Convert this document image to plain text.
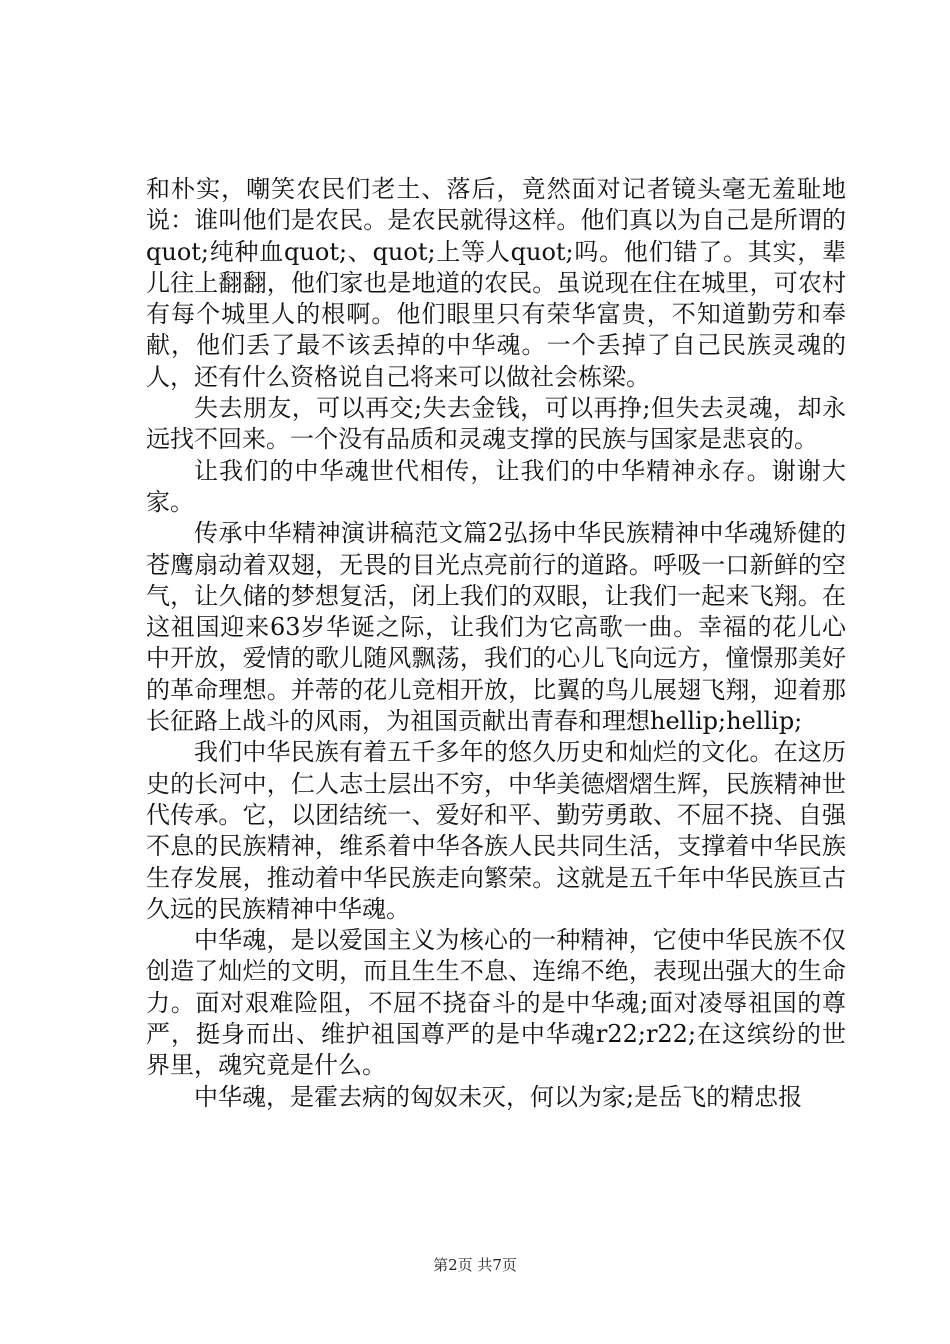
和朴实，嘲笑农民们老土、落后，竟然面对记者镜头毫无羞耻地说：谁叫他们是农民。是农民就得这样。他们真以为自己是所谓的quot;纯种血quot;、quot;上等人quot;吗。他们错了。其实，辈儿往上翻翻，他们家也是地道的农民。虽说现在住在城里，可农村有每个城里人的根啊。他们眼里只有荣华富贵，不知道勤劳和奉献，他们丢了最不该丢掉的中华魂。一个丢掉了自己民族灵魂的人，还有什么资格说自己将来可以做社会栋梁。

失去朋友，可以再交;失去金钱，可以再挣;但失去灵魂，却永远找不回来。一个没有品质和灵魂支撑的民族与国家是悲哀的。

让我们的中华魂世代相传，让我们的中华精神永存。谢谢大家。

传承中华精神演讲稿范文篇2弘扬中华民族精神中华魂矫健的苍鹰扇动着双翅，无畏的目光点亮前行的道路。呼吸一口新鲜的空气，让久储的梦想复活，闭上我们的双眼，让我们一起来飞翔。在这祖国迎来63岁华诞之际，让我们为它高歌一曲。幸福的花儿心中开放，爱情的歌儿随风飘荡，我们的心儿飞向远方，憧憬那美好的革命理想。并蒂的花儿竞相开放，比翼的鸟儿展翅飞翔，迎着那长征路上战斗的风雨，为祖国贡献出青春和理想hellip;hellip;

我们中华民族有着五千多年的悠久历史和灿烂的文化。在这历史的长河中，仁人志士层出不穷，中华美德熠熠生辉，民族精神世代传承。它，以团结统一、爱好和平、勤劳勇敢、不屈不挠、自强不息的民族精神，维系着中华各族人民共同生活，支撑着中华民族生存发展，推动着中华民族走向繁荣。这就是五千年中华民族亘古久远的民族精神中华魂。

中华魂，是以爱国主义为核心的一种精神，它使中华民族不仅创造了灿烂的文明，而且生生不息、连绵不绝，表现出强大的生命力。面对艰难险阻，不屈不挠奋斗的是中华魂;面对凌辱祖国的尊严，挺身而出、维护祖国尊严的是中华魂r22;r22;在这缤纷的世界里，魂究竟是什么。

中华魂，是霍去病的匈奴未灭，何以为家;是岳飞的精忠报

第2页 共7页
